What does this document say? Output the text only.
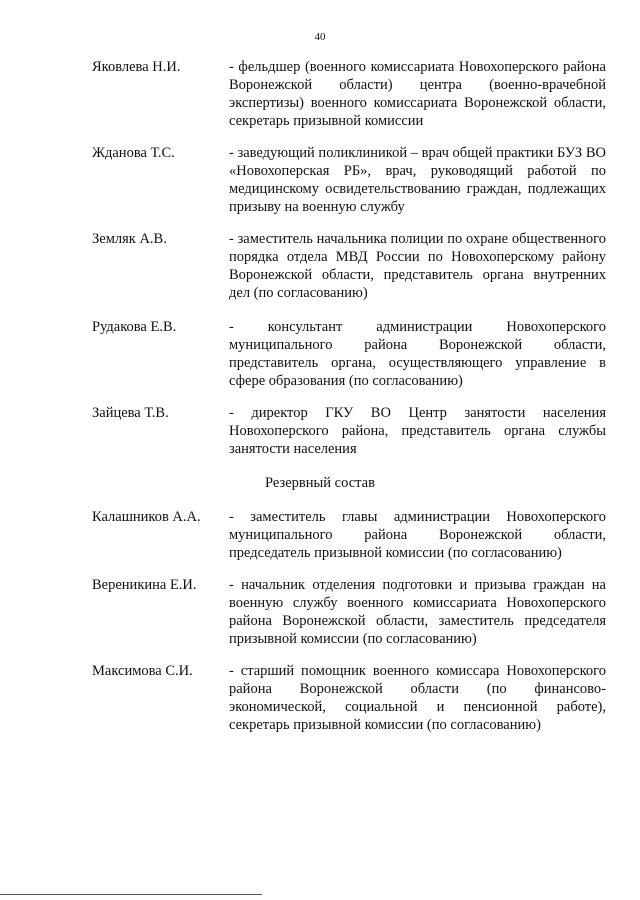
40
Яковлева Н.И.	- фельдшер (военного комиссариата Новохоперского района Воронежской области) центра (военно-врачебной экспертизы) военного комиссариата Воронежской области, секретарь призывной комиссии
Жданова Т.С.	- заведующий поликлиникой – врач общей практики БУЗ ВО «Новохоперская РБ», врач, руководящий работой по медицинскому освидетельствованию граждан, подлежащих призыву на военную службу
Земляк А.В.	- заместитель начальника полиции по охране общественного порядка отдела МВД России по Новохоперскому району Воронежской области, представитель органа внутренних дел (по согласованию)
Рудакова Е.В.	- консультант администрации Новохоперского муниципального района Воронежской области, представитель органа, осуществляющего управление в сфере образования (по согласованию)
Зайцева Т.В.	- директор ГКУ ВО Центр занятости населения Новохоперского района, представитель органа службы занятости населения
Резервный состав
Калашников А.А. - заместитель главы администрации Новохоперского муниципального района Воронежской области, председатель призывной комиссии (по согласованию)
Вереникина Е.И. - начальник отделения подготовки и призыва граждан на военную службу военного комиссариата Новохоперского района Воронежской области, заместитель председателя призывной комиссии (по согласованию)
Максимова С.И.	- старший помощник военного комиссара Новохоперского района Воронежской области (по финансово-экономической, социальной и пенсионной работе), секретарь призывной комиссии (по согласованию)
